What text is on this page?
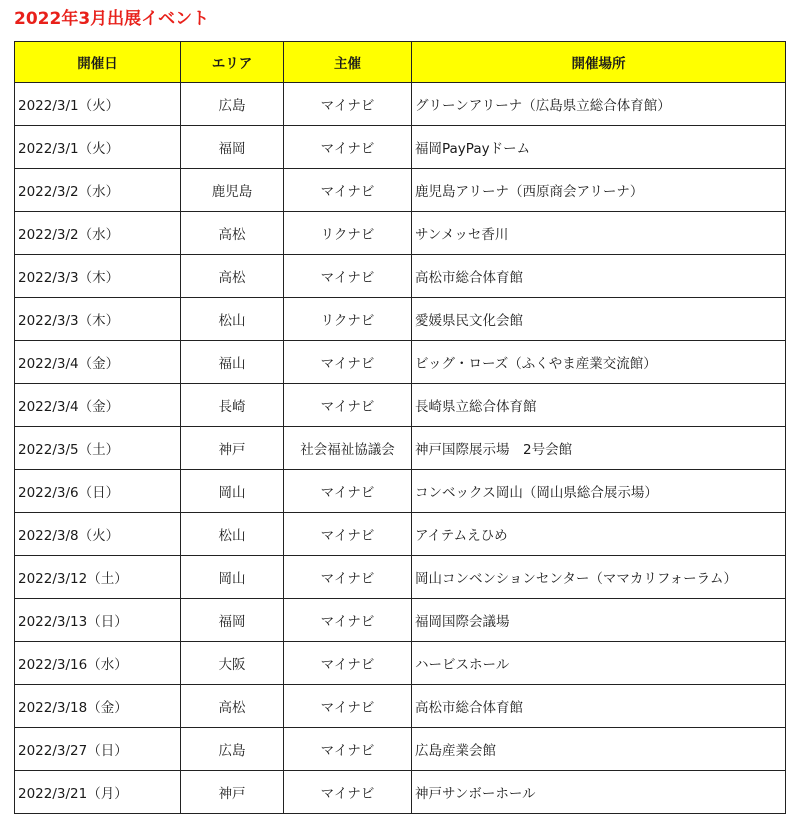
2022年3月出展イベント
開催日	エリア	主催	開催場所
2022/3/1（火）	広島	マイナビ	グリーンアリーナ（広島県立総合体育館）
2022/3/1（火）	福岡	マイナビ	福岡PayPayドーム
2022/3/2（水）	鹿児島	マイナビ	鹿児島アリーナ（西原商会アリーナ）
2022/3/2（水）	高松	リクナビ	サンメッセ香川
2022/3/3（木）	高松	マイナビ	高松市総合体育館
2022/3/3（木）	松山	リクナビ	愛媛県民文化会館
2022/3/4（金）	福山	マイナビ	ビッグ・ローズ（ふくやま産業交流館）
2022/3/4（金）	長崎	マイナビ	長崎県立総合体育館
2022/3/5（土）	神戸	社会福祉協議会	神戸国際展示場　2号会館
2022/3/6（日）	岡山	マイナビ	コンベックス岡山（岡山県総合展示場）
2022/3/8（火）	松山	マイナビ	アイテムえひめ
2022/3/12（土）	岡山	マイナビ	岡山コンベンションセンター（ママカリフォーラム）
2022/3/13（日）	福岡	マイナビ	福岡国際会議場
2022/3/16（水）	大阪	マイナビ	ハービスホール
2022/3/18（金）	高松	マイナビ	高松市総合体育館
2022/3/27（日）	広島	マイナビ	広島産業会館
2022/3/21（月）	神戸	マイナビ	神戸サンボーホール
